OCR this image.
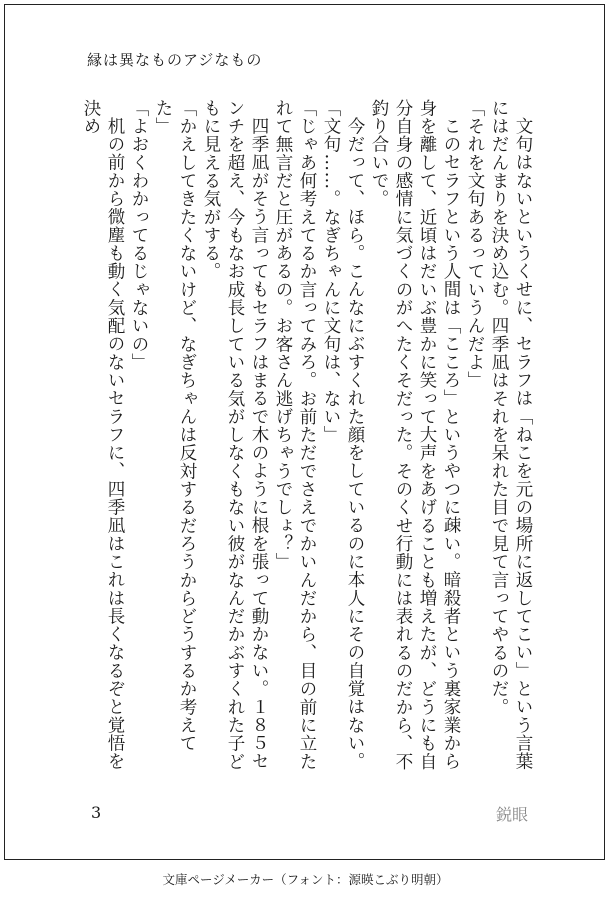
縁は異なものアジなもの

文句はないというくせに、セラフは「ねこを元の場所に返してこい」という言葉にはだんまりを決め込む。四季凪はそれを呆れた目で見て言ってやるのだ。

「それを文句あるっていうんだよ」

このセラフという人間は「こころ」というやつに疎い。暗殺者という裏家業から身を離して、近頃はだいぶ豊かに笑って大声をあげることも増えたが、どうにも自分自身の感情に気づくのがへたくそだった。そのくせ行動には表れるのだから、不釣り合いで。

今だって、ほら。こんなにぶすくれた顔をしているのに本人にその自覚はない。

「文句……。なぎちゃんに文句は、ない」

「じゃあ何考えてるか言ってみろ。お前ただでさえでかいんだから、目の前に立たれて無言だと圧があるの。お客さん逃げちゃうでしょ？」

四季凪がそう言ってもセラフはまるで木のように根を張って動かない。１８５センチを超え、今もなお成長している気がしなくもない彼がなんだかぶすくれた子どもに見える気がする。

「かえしてきたくないけど、なぎちゃんは反対するだろうからどうするか考えてた」

「よおくわかってるじゃないの」

机の前から微塵も動く気配のないセラフに、四季凪はこれは長くなるぞと覚悟を決め

3	鋭眼
文庫ページメーカー（フォント：源暎こぶり明朝）
